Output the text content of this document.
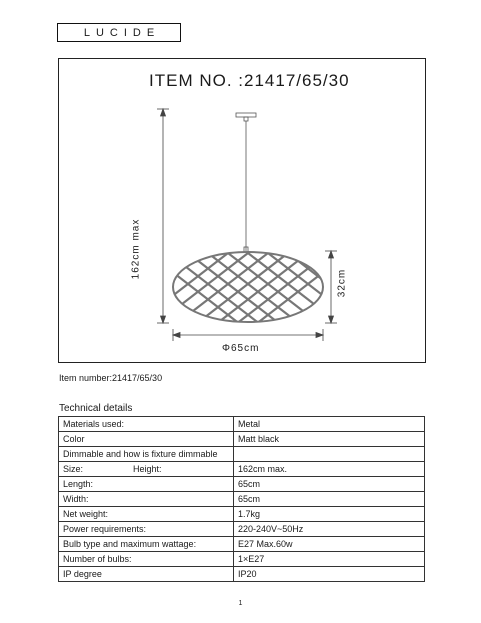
LUCIDE
ITEM NO. :21417/65/30
162cm max
32cm
Φ65cm
Item number:21417/65/30
Technical details
Materials used:	Metal
Color	Matt black
Dimmable and how is fixture dimmable	
Size: Height:	162cm max.
Length:	65cm
Width:	65cm
Net weight:	1.7kg
Power requirements:	220-240V~50Hz
Bulb type and maximum wattage:	E27 Max.60w
Number of bulbs:	1×E27
IP degree	IP20
1
